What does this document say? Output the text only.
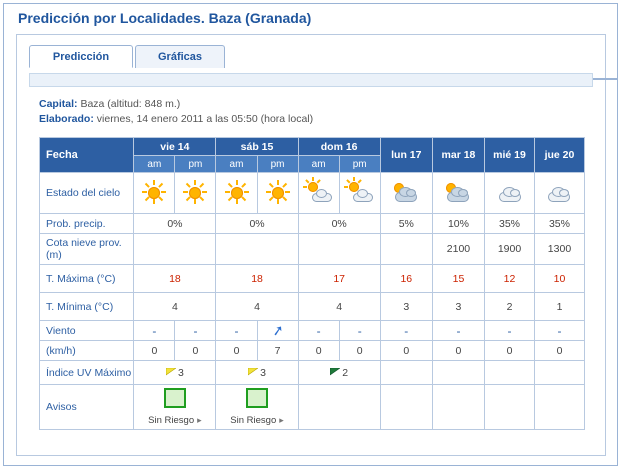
Predicción por Localidades. Baza (Granada)
Predicción	Gráficas
Capital: Baza (altitud: 848 m.)
Elaborado: viernes, 14 enero 2011 a las 05:50 (hora local)
Fecha	vie 14		sáb 15		dom 16		lun 17	mar 18	mié 19	jue 20
	am	pm	am	pm	am	pm				
Estado del cielo	

Prob. precip.	0%		0%		0%		5%	10%	35%	35%
Cota nieve prov.(m)								2100	1900	1300
T. Máxima (°C)	18		18		17		16	15	12	10
T. Mínima (°C)	4		4		4		3	3	2	1
Viento	-	-	-	➚	-	-	-	-	-	-
(km/h)	0	0	0	7	0	0	0	0	0	0
Índice UV Máximo	3		3		2					
Avisos	Sin Riesgo ▸		Sin Riesgo ▸							
